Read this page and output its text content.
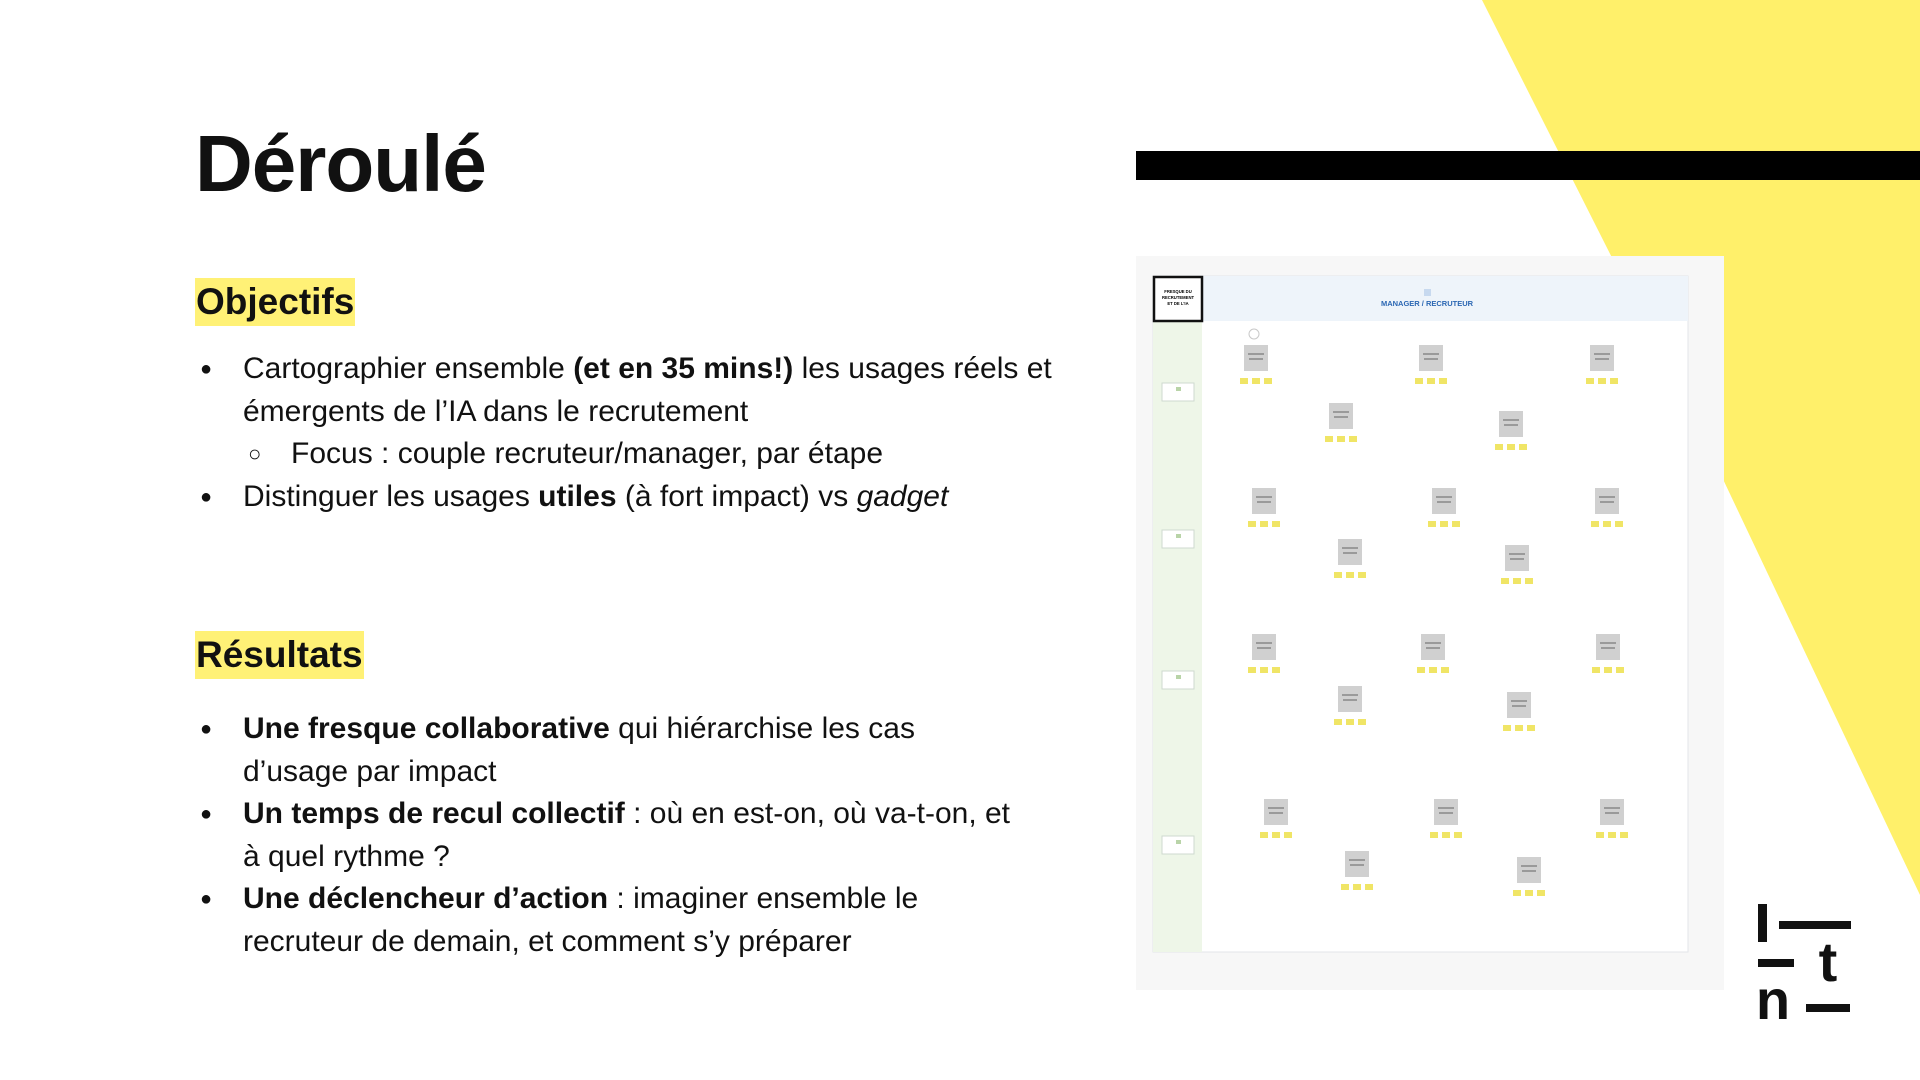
Déroulé
Objectifs
● Cartographier ensemble (et en 35 mins!) les usages réels et émergents de l’IA dans le recrutement
○ Focus : couple recruteur/manager, par étape
● Distinguer les usages utiles (à fort impact) vs gadget
Résultats
● Une fresque collaborative qui hiérarchise les cas d’usage par impact
● Un temps de recul collectif : où en est-on, où va-t-on, et à quel rythme ?
● Une déclencheur d’action : imaginer ensemble le recruteur de demain, et comment s’y préparer
FRESQUE DU
RECRUTEMENT
ET DE L'IA	MANAGER / RECRUTEUR
t
n
